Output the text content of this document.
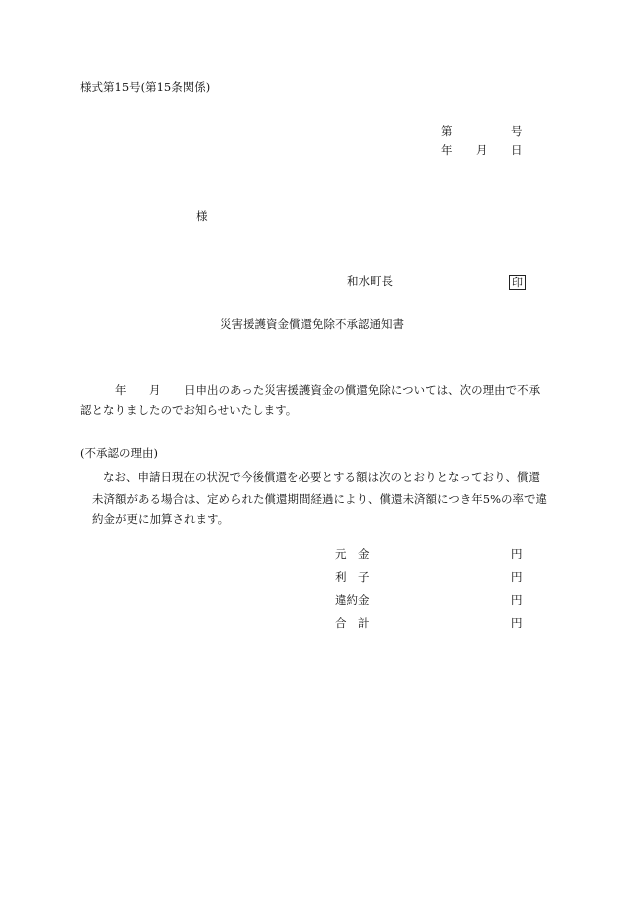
様式第15号(第15条関係)
第	号
年 月 日
様
和水町長	印
災害援護資金償還免除不承認通知書
年 月 日申出のあった災害援護資金の償還免除については、次の理由で不承
認となりましたのでお知らせいたします。
(不承認の理由)
なお、申請日現在の状況で今後償還を必要とする額は次のとおりとなっており、償還
未済額がある場合は、定められた償還期間経過により、償還未済額につき年5%の率で違
約金が更に加算されます。
元　金	円
利　子	円
違約金	円
合　計	円
